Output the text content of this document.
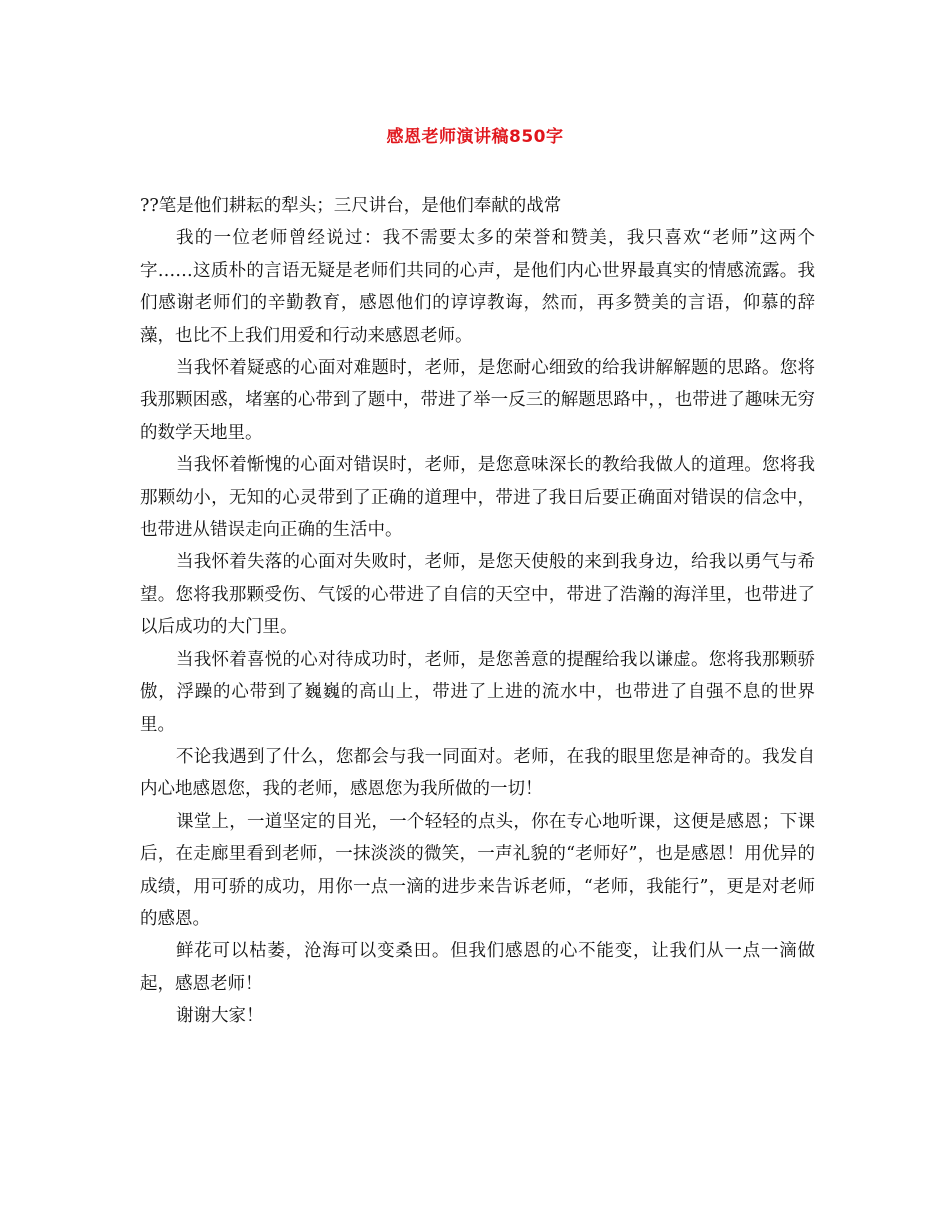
感恩老师演讲稿850字

??笔是他们耕耘的犁头；三尺讲台，是他们奉献的战常

我的一位老师曾经说过：我不需要太多的荣誉和赞美，我只喜欢“老师”这两个字……这质朴的言语无疑是老师们共同的心声，是他们内心世界最真实的情感流露。我们感谢老师们的辛勤教育，感恩他们的谆谆教诲，然而，再多赞美的言语，仰慕的辞藻，也比不上我们用爱和行动来感恩老师。

当我怀着疑惑的心面对难题时，老师，是您耐心细致的给我讲解解题的思路。您将我那颗困惑，堵塞的心带到了题中，带进了举一反三的解题思路中，，也带进了趣味无穷的数学天地里。

当我怀着惭愧的心面对错误时，老师，是您意味深长的教给我做人的道理。您将我那颗幼小，无知的心灵带到了正确的道理中，带进了我日后要正确面对错误的信念中，也带进从错误走向正确的生活中。

当我怀着失落的心面对失败时，老师，是您天使般的来到我身边，给我以勇气与希望。您将我那颗受伤、气馁的心带进了自信的天空中，带进了浩瀚的海洋里，也带进了以后成功的大门里。

当我怀着喜悦的心对待成功时，老师，是您善意的提醒给我以谦虚。您将我那颗骄傲，浮躁的心带到了巍巍的高山上，带进了上进的流水中，也带进了自强不息的世界里。

不论我遇到了什么，您都会与我一同面对。老师，在我的眼里您是神奇的。我发自内心地感恩您，我的老师，感恩您为我所做的一切！

课堂上，一道坚定的目光，一个轻轻的点头，你在专心地听课，这便是感恩；下课后，在走廊里看到老师，一抹淡淡的微笑，一声礼貌的“老师好”，也是感恩！用优异的成绩，用可骄的成功，用你一点一滴的进步来告诉老师，“老师，我能行”，更是对老师的感恩。

鲜花可以枯萎，沧海可以变桑田。但我们感恩的心不能变，让我们从一点一滴做起，感恩老师！

谢谢大家！
